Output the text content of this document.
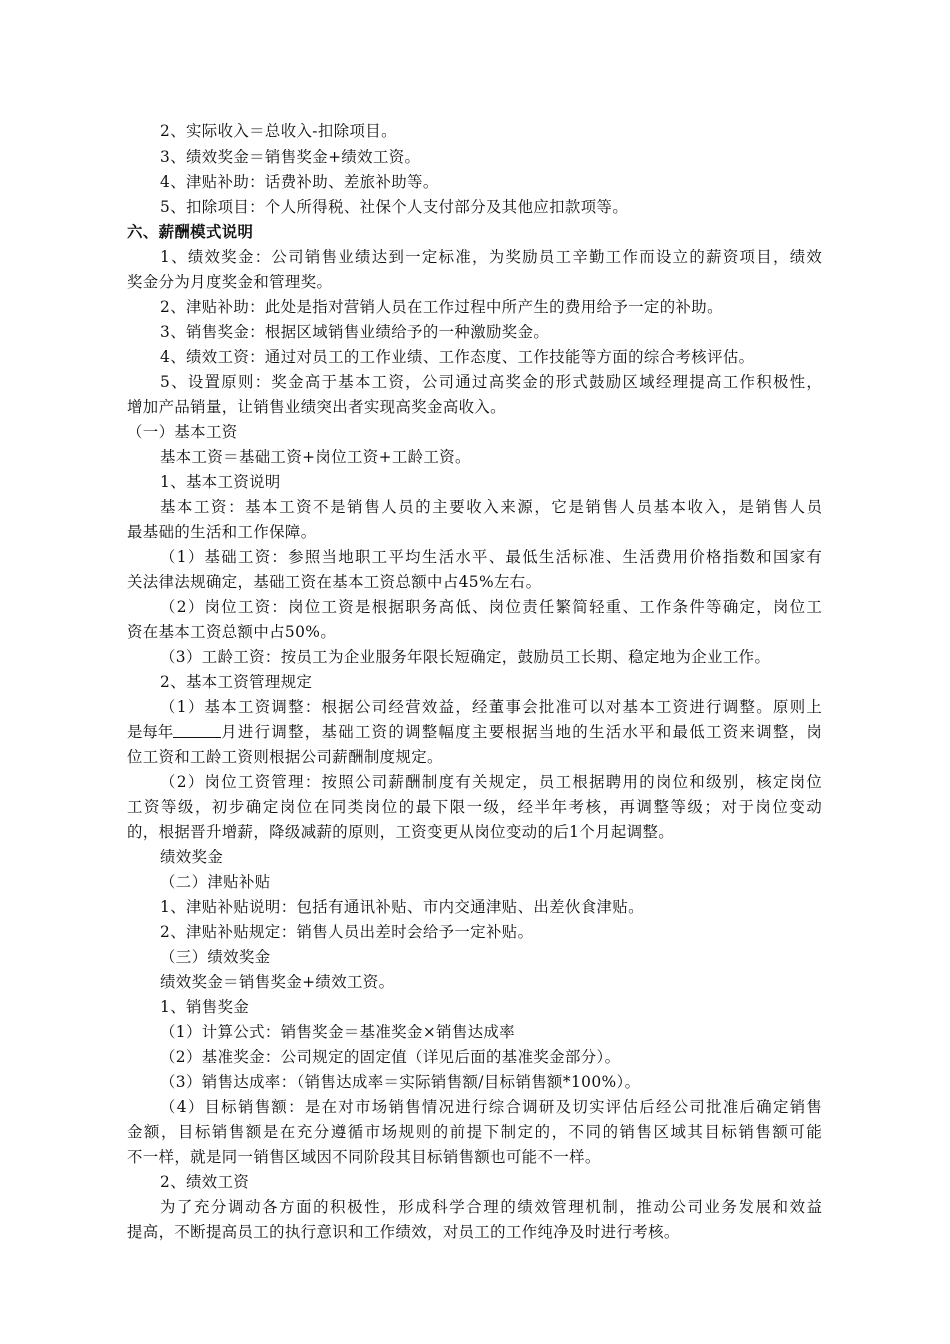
2、实际收入＝总收入-扣除项目。
3、绩效奖金＝销售奖金+绩效工资。
4、津贴补助：话费补助、差旅补助等。
5、扣除项目：个人所得税、社保个人支付部分及其他应扣款项等。
六、薪酬模式说明
1 、 绩 效 奖 金 ： 公 司 销 售 业 绩 达 到 一 定 标 准 ， 为 奖 励 员 工 辛 勤 工 作 而 设 立 的 薪 资 项 目 ， 绩 效
奖金分为月度奖金和管理奖。
2、津贴补助：此处是指对营销人员在工作过程中所产生的费用给予一定的补助。
3、销售奖金：根据区域销售业绩给予的一种激励奖金。
4、绩效工资：通过对员工的工作业绩、工作态度、工作技能等方面的综合考核评估。
5 、 设 置 原 则 ： 奖 金 高 于 基 本 工 资 ， 公 司 通 过 高 奖 金 的 形 式 鼓 励 区 域 经 理 提 高 工 作 积 极 性 ，
增加产品销量，让销售业绩突出者实现高奖金高收入。
（一）基本工资
基本工资＝基础工资+岗位工资+工龄工资。
1、基本工资说明
基 本 工 资 ： 基 本 工 资 不 是 销 售 人 员 的 主 要 收 入 来 源 ， 它 是 销 售 人 员 基 本 收 入 ， 是 销 售 人 员
最基础的生活和工作保障。
（ 1 ） 基 础 工 资 ： 参 照 当 地 职 工 平 均 生 活 水 平 、 最 低 生 活 标 准 、 生 活 费 用 价 格 指 数 和 国 家 有
关法律法规确定，基础工资在基本工资总额中占45%左右。
（ 2 ） 岗 位 工 资 ： 岗 位 工 资 是 根 据 职 务 高 低 、 岗 位 责 任 繁 简 轻 重 、 工 作 条 件 等 确 定 ， 岗 位 工
资在基本工资总额中占50%。
（3）工龄工资：按员工为企业服务年限长短确定，鼓励员工长期、稳定地为企业工作。
2、基本工资管理规定
（ 1 ） 基 本 工 资 调 整 ： 根 据 公 司 经 营 效 益 ， 经 董 事 会 批 准 可 以 对 基 本 工 资 进 行 调 整 。 原 则 上
位工资和工龄工资则根据公司薪酬制度规定。
（ 2 ） 岗 位 工 资 管 理 ： 按 照 公 司 薪 酬 制 度 有 关 规 定 ， 员 工 根 据 聘 用 的 岗 位 和 级 别 ， 核 定 岗 位
工 资 等 级 ， 初 步 确 定 岗 位 在 同 类 岗 位 的 最 下 限 一 级 ， 经 半 年 考 核 ， 再 调 整 等 级 ； 对 于 岗 位 变 动
的，根据晋升增薪，降级减薪的原则，工资变更从岗位变动的后1个月起调整。
绩效奖金
（二）津贴补贴
1、津贴补贴说明：包括有通讯补贴、市内交通津贴、出差伙食津贴。
2、津贴补贴规定：销售人员出差时会给予一定补贴。
（三）绩效奖金
绩效奖金＝销售奖金+绩效工资。
1、销售奖金
（1）计算公式：销售奖金＝基准奖金×销售达成率
（2）基准奖金：公司规定的固定值（详见后面的基准奖金部分）。
（3）销售达成率：（销售达成率＝实际销售额/目标销售额*100%）。
（ 4 ） 目 标 销 售 额 ： 是 在 对 市 场 销 售 情 况 进 行 综 合 调 研 及 切 实 评 估 后 经 公 司 批 准 后 确 定 销 售
金 额 ， 目 标 销 售 额 是 在 充 分 遵 循 市 场 规 则 的 前 提 下 制 定 的 ， 不 同 的 销 售 区 域 其 目 标 销 售 额 可 能
不一样，就是同一销售区域因不同阶段其目标销售额也可能不一样。
2、绩效工资
为 了 充 分 调 动 各 方 面 的 积 极 性 ， 形 成 科 学 合 理 的 绩 效 管 理 机 制 ， 推 动 公 司 业 务 发 展 和 效 益
提高，不断提高员工的执行意识和工作绩效，对员工的工作纯净及时进行考核。
是每年	月 进 行 调 整 ， 基 础 工 资 的 调 整 幅 度 主 要 根 据 当 地 的 生 活 水 平 和 最 低 工 资 来 调 整 ， 岗
